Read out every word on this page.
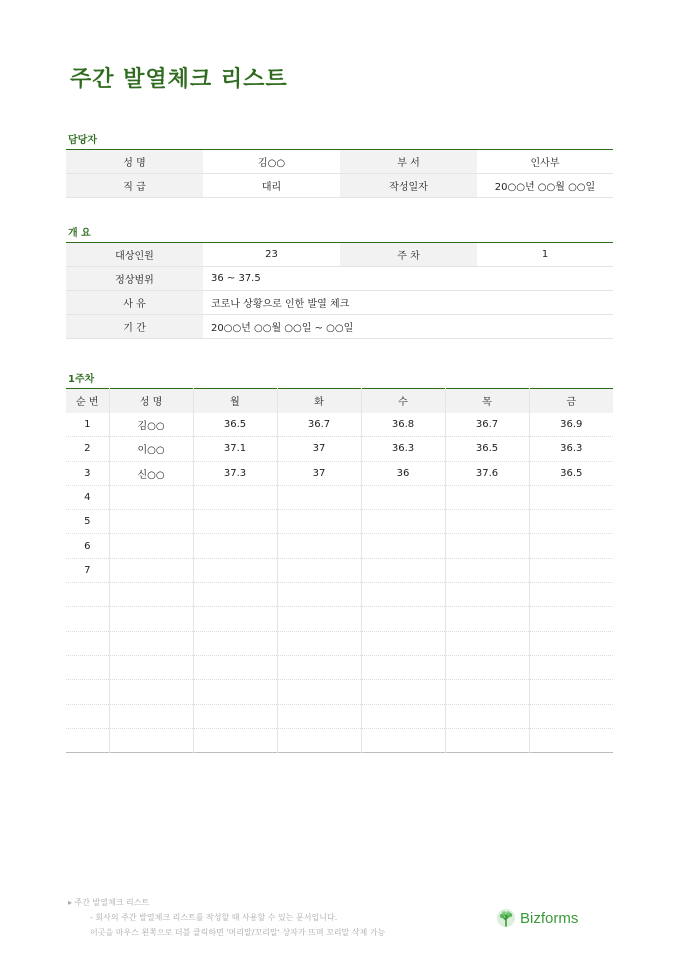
주간 발열체크 리스트
담당자
성 명	김○○	부 서	인사부
직 급	대리	작성일자	20○○년 ○○월 ○○일
개 요
대상인원	23	주 차	1
정상범위	36 ~ 37.5		
사 유	코로나 상황으로 인한 발열 체크		
기 간	20○○년 ○○월 ○○일 ~ ○○일		
1주차
순 번	성 명	월	화	수	목	금
1	김○○	36.5	36.7	36.8	36.7	36.9
2	이○○	37.1	37	36.3	36.5	36.3
3	신○○	37.3	37	36	37.6	36.5
4						
5						
6						
7						

▸ 주간 발열체크 리스트
- 회사의 주간 발열체크 리스트를 작성할 때 사용할 수 있는 문서입니다.
이곳을 마우스 왼쪽으로 더블 클릭하면 '머리말/꼬리말' 상자가 뜨며 꼬리말 삭제 가능
Bizforms
